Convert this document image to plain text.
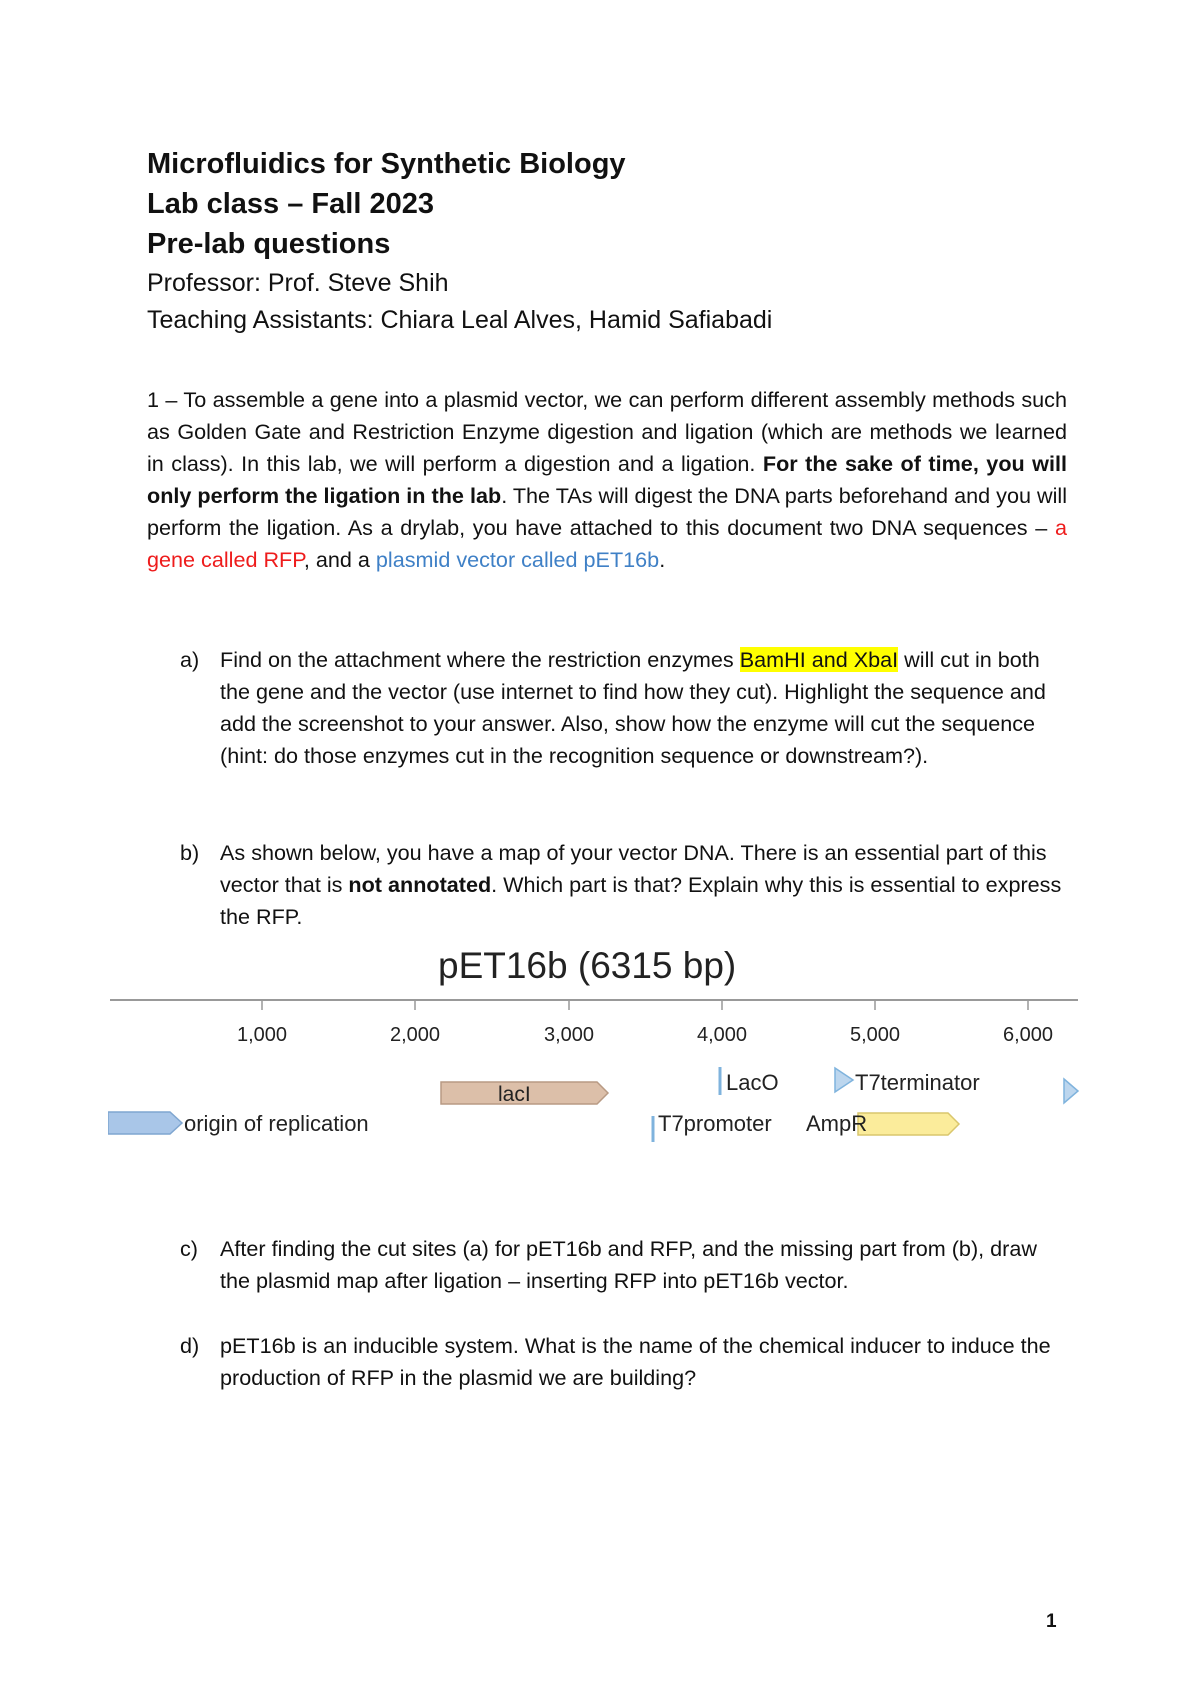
Microfluidics for Synthetic Biology
Lab class – Fall 2023
Pre-lab questions

Professor: Prof. Steve Shih

Teaching Assistants: Chiara Leal Alves, Hamid Safiabadi

1 – To assemble a gene into a plasmid vector, we can perform different assembly methods such as Golden Gate and Restriction Enzyme digestion and ligation (which are methods we learned in class). In this lab, we will perform a digestion and a ligation. For the sake of time, you will only perform the ligation in the lab. The TAs will digest the DNA parts beforehand and you will perform the ligation. As a drylab, you have attached to this document two DNA sequences – a gene called RFP, and a plasmid vector called pET16b.

a) Find on the attachment where the restriction enzymes BamHI and XbaI will cut in both the gene and the vector (use internet to find how they cut). Highlight the sequence and add the screenshot to your answer. Also, show how the enzyme will cut the sequence (hint: do those enzymes cut in the recognition sequence or downstream?).
b) As shown below, you have a map of your vector DNA. There is an essential part of this vector that is not annotated. Which part is that? Explain why this is essential to express the RFP.
pET16b (6315 bp)
1,000	2,000	3,000	4,000	5,000	6,000
LacO	T7terminator
lacI
origin of replication	T7promoter AmpR
c) After finding the cut sites (a) for pET16b and RFP, and the missing part from (b), draw the plasmid map after ligation – inserting RFP into pET16b vector.
d) pET16b is an inducible system. What is the name of the chemical inducer to induce the production of RFP in the plasmid we are building?
1
